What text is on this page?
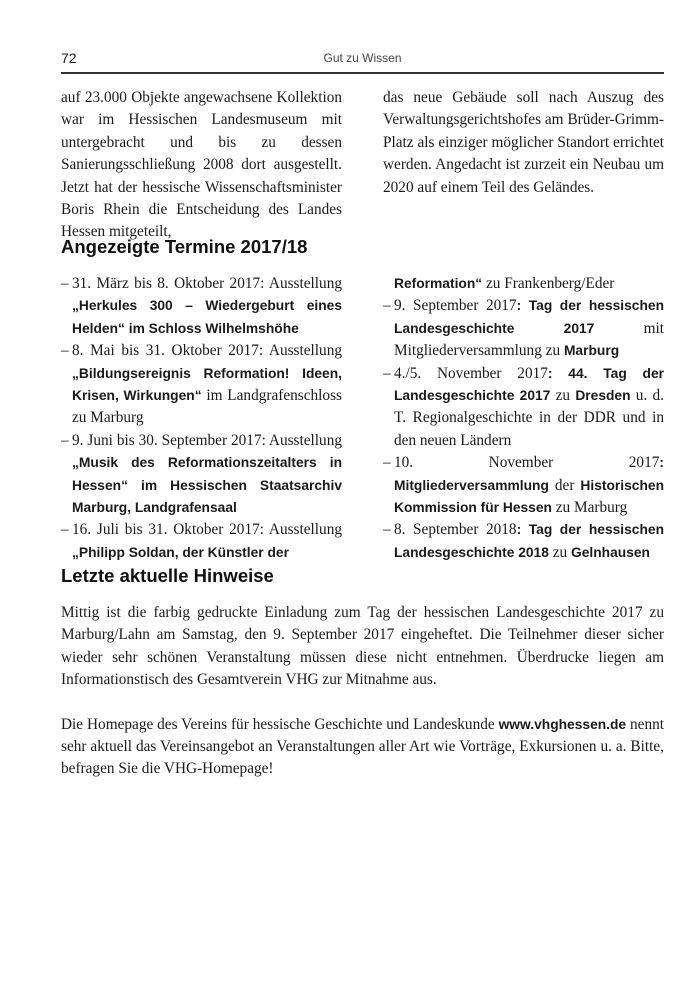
72	Gut zu Wissen

auf 23.000 Objekte angewachsene Kollektion war im Hessischen Landesmuseum mit untergebracht und bis zu dessen Sanierungsschließung 2008 dort ausgestellt. Jetzt hat der hessische Wissenschaftsminister Boris Rhein die Entscheidung des Landes Hessen mitgeteilt,

das neue Gebäude soll nach Auszug des Verwaltungsgerichtshofes am Brüder-Grimm-Platz als einziger möglicher Standort errichtet werden. Angedacht ist zurzeit ein Neubau um 2020 auf einem Teil des Geländes.

Angezeigte Termine 2017/18
– 31. März bis 8. Oktober 2017: Ausstellung „Herkules 300 – Wiedergeburt eines Helden“ im Schloss Wilhelmshöhe
– 8. Mai bis 31. Oktober 2017: Ausstellung „Bildungsereignis Reformation! Ideen, Krisen, Wirkungen“ im Landgrafenschloss zu Marburg
– 9. Juni bis 30. September 2017: Ausstellung „Musik des Reformationszeitalters in Hessen“ im Hessischen Staatsarchiv Marburg, Landgrafensaal
– 16. Juli bis 31. Oktober 2017: Ausstellung „Philipp Soldan, der Künstler der
Reformation“ zu Frankenberg/Eder
– 9. September 2017: Tag der hessischen Landesgeschichte 2017 mit Mitgliederversammlung zu Marburg
– 4./5. November 2017: 44. Tag der Landesgeschichte 2017 zu Dresden u. d. T. Regionalgeschichte in der DDR und in den neuen Ländern
– 10. November 2017: Mitgliederversammlung der Historischen Kommission für Hessen zu Marburg
– 8. September 2018: Tag der hessischen Landesgeschichte 2018 zu Gelnhausen
Letzte aktuelle Hinweise

Mittig ist die farbig gedruckte Einladung zum Tag der hessischen Landesgeschichte 2017 zu Marburg/Lahn am Samstag, den 9. September 2017 eingeheftet. Die Teilnehmer dieser sicher wieder sehr schönen Veranstaltung müssen diese nicht entnehmen. Überdrucke liegen am Informationstisch des Gesamtverein VHG zur Mitnahme aus.

Die Homepage des Vereins für hessische Geschichte und Landeskunde www.vhghessen.de nennt sehr aktuell das Vereinsangebot an Veranstaltungen aller Art wie Vorträge, Exkursionen u. a. Bitte, befragen Sie die VHG-Homepage!
